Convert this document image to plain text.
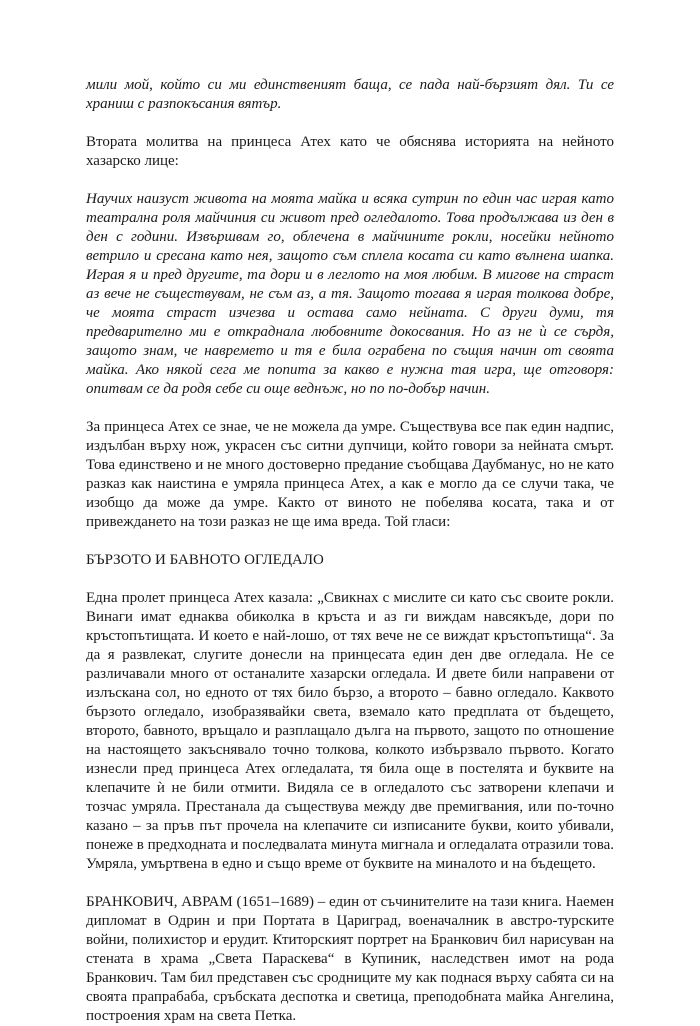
мили мой, който си ми единственият баща, се пада най-бързият дял. Ти се храниш с разпокъсания вятър.

Втората молитва на принцеса Атех като че обяснява историята на нейното хазарско лице:

Научих наизуст живота на моята майка и всяка сутрин по един час играя като театрална роля майчиния си живот пред огледалото. Това продължава из ден в ден с години. Извършвам го, облечена в майчините рокли, носейки нейното ветрило и сресана като нея, защото съм сплела косата си като вълнена шапка. Играя я и пред другите, та дори и в леглото на моя любим. В мигове на страст аз вече не съществувам, не съм аз, а тя. Защото тогава я играя толкова добре, че моята страст изчезва и остава само нейната. С други думи, тя предварително ми е откраднала любовните докосвания. Но аз не ѝ се сърдя, защото знам, че навремето и тя е била ограбена по същия начин от своята майка. Ако някой сега ме попита за какво е нужна тая игра, ще отговоря: опитвам се да родя себе си още веднъж, но по по-добър начин.

За принцеса Атех се знае, че не можела да умре. Съществува все пак един надпис, издълбан върху нож, украсен със ситни дупчици, който говори за нейната смърт. Това единствено и не много достоверно предание съобщава Даубманус, но не като разказ как наистина е умряла принцеса Атех, а как е могло да се случи така, че изобщо да може да умре. Както от виното не побелява косата, така и от привеждането на този разказ не ще има вреда. Той гласи:

БЪРЗОТО И БАВНОТО ОГЛЕДАЛО

Една пролет принцеса Атех казала: „Свикнах с мислите си като със своите рокли. Винаги имат еднаква обиколка в кръста и аз ги виждам навсякъде, дори по кръстопътищата. И което е най-лошо, от тях вече не се виждат кръстопътища“. За да я развлекат, слугите донесли на принцесата един ден две огледала. Не се различавали много от останалите хазарски огледала. И двете били направени от излъскана сол, но едното от тях било бързо, а второто – бавно огледало. Каквото бързото огледало, изобразявайки света, вземало като предплата от бъдещето, второто, бавното, връщало и разплащало дълга на първото, защото по отношение на настоящето закъснявало точно толкова, колкото избързвало първото. Когато изнесли пред принцеса Атех огледалата, тя била още в постелята и буквите на клепачите ѝ не били отмити. Видяла се в огледалото със затворени клепачи и тозчас умряла. Престанала да съществува между две премигвания, или по-точно казано – за пръв път прочела на клепачите си изписаните букви, които убивали, понеже в предходната и последвалата минута мигнала и огледалата отразили това. Умряла, умъртвена в едно и също време от буквите на миналото и на бъдещето.

БРАНКОВИЧ, АВРАМ (1651–1689) – един от съчинителите на тази книга. Наемен дипломат в Одрин и при Портата в Цариград, военачалник в австро-турските войни, полихистор и ерудит. Ктиторският портрет на Бранкович бил нарисуван на стената в храма „Света Параскева“ в Купиник, наследствен имот на рода Бранкович. Там бил представен със сродниците му как поднася върху сабята си на своята прапрабаба, сръбската деспотка и светица, преподобната майка Ангелина, построения храм на света Петка.
